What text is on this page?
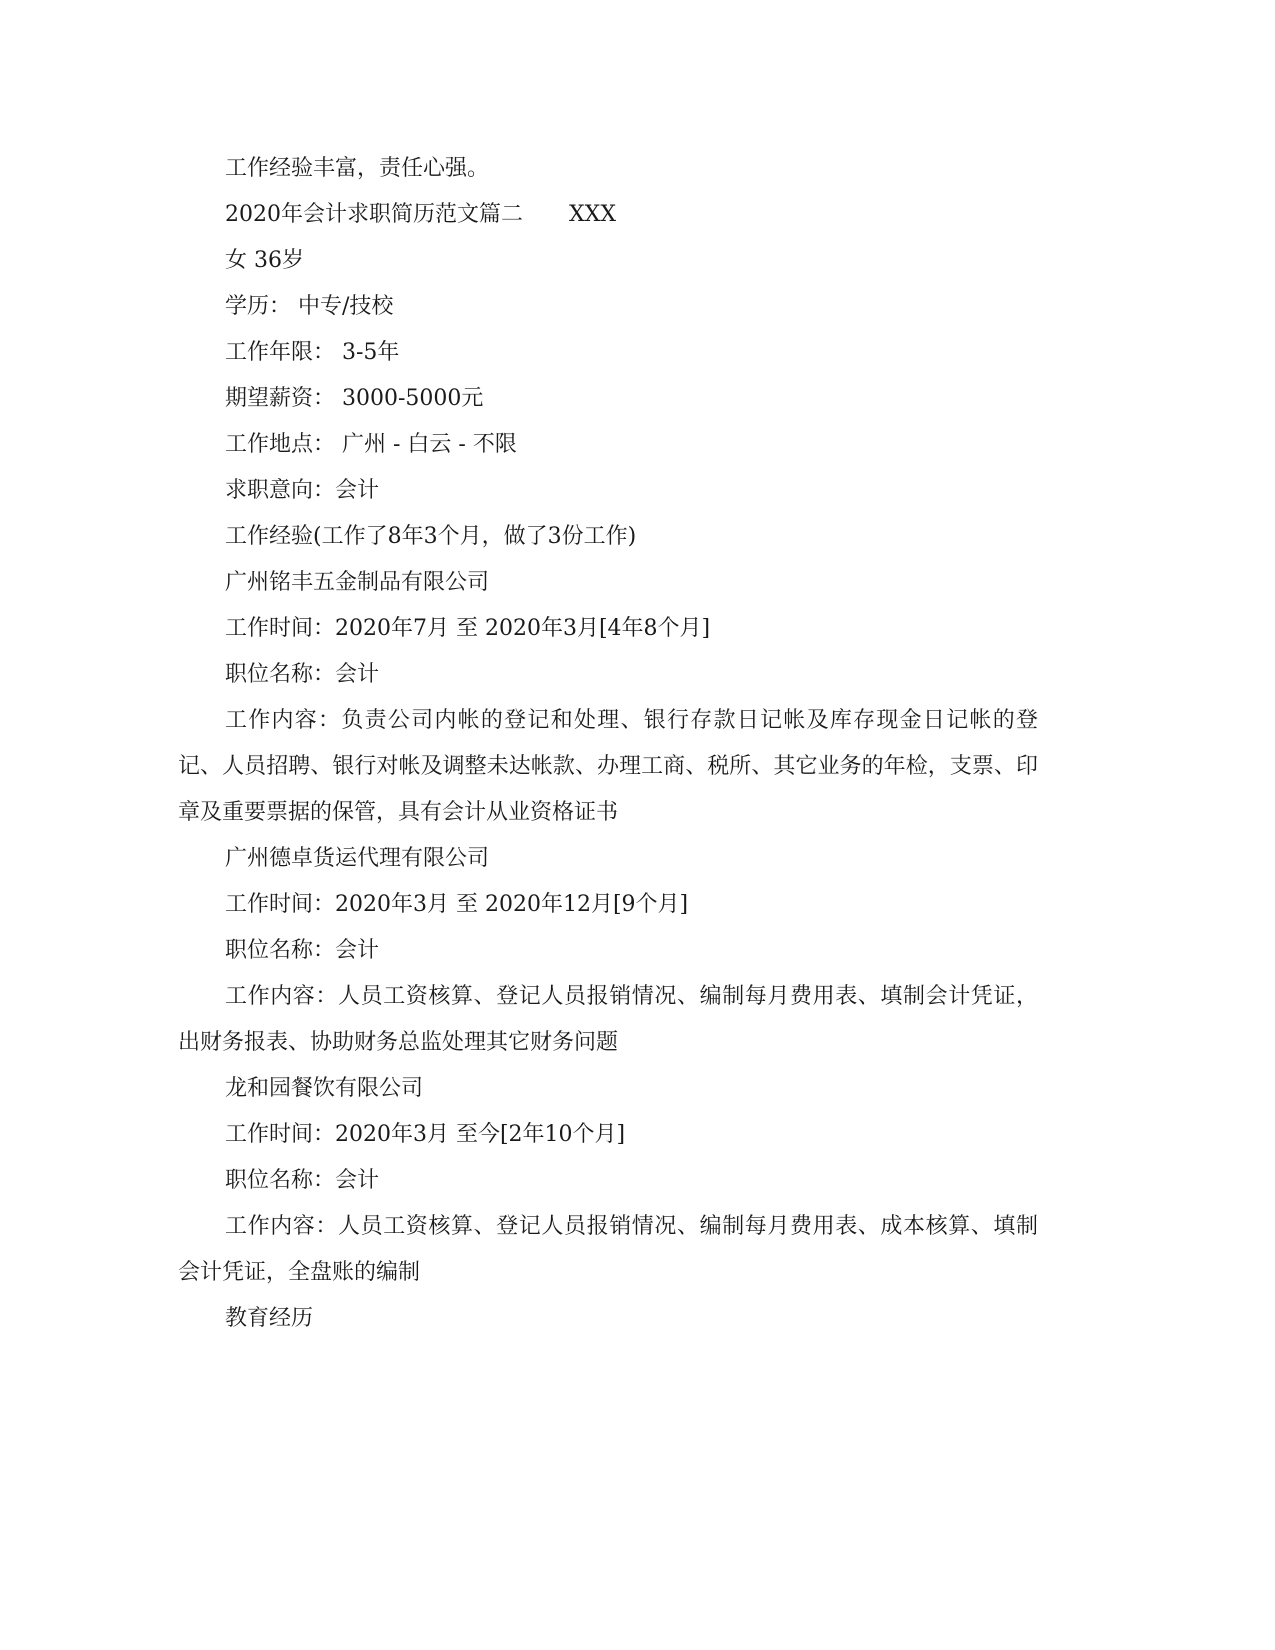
工作经验丰富，责任心强。
2020年会计求职简历范文篇二 XXX
女 36岁
学历： 中专/技校
工作年限： 3-5年
期望薪资： 3000-5000元
工作地点： 广州 - 白云 - 不限
求职意向：会计
工作经验(工作了8年3个月，做了3份工作)
广州铭丰五金制品有限公司
工作时间：2020年7月 至 2020年3月[4年8个月]
职位名称：会计

工作内容：负责公司内帐的登记和处理、银行存款日记帐及库存现金日记帐的登记、人员招聘、银行对帐及调整未达帐款、办理工商、税所、其它业务的年检，支票、印章及重要票据的保管，具有会计从业资格证书

广州德卓货运代理有限公司
工作时间：2020年3月 至 2020年12月[9个月]
职位名称：会计

工作内容：人员工资核算、登记人员报销情况、编制每月费用表、填制会计凭证，出财务报表、协助财务总监处理其它财务问题

龙和园餐饮有限公司
工作时间：2020年3月 至今[2年10个月]
职位名称：会计

工作内容：人员工资核算、登记人员报销情况、编制每月费用表、成本核算、填制会计凭证，全盘账的编制

教育经历
